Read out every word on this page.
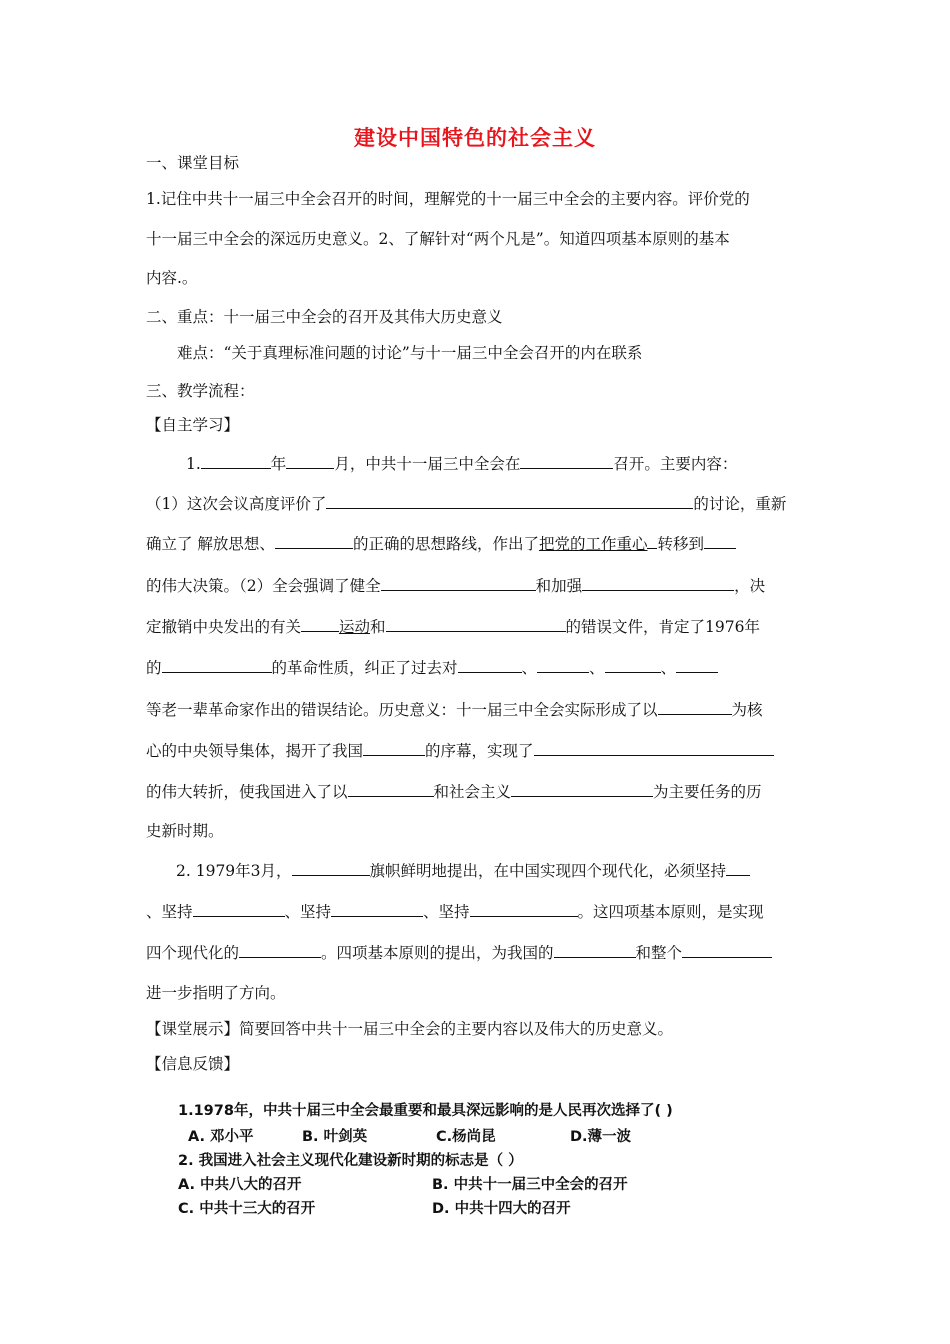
建设中国特色的社会主义
一、课堂目标
1.记住中共十一届三中全会召开的时间，理解党的十一届三中全会的主要内容。评价党的
十一届三中全会的深远历史意义。2、了解针对“两个凡是”。知道四项基本原则的基本
内容.。
二、重点：十一届三中全会的召开及其伟大历史意义
难点：“关于真理标准问题的讨论”与十一届三中全会召开的内在联系
三、教学流程：
【自主学习】
1.	年	月，中共十一届三中全会在	召开。主要内容：
（1）这次会议高度评价了	的讨论，重新
确立了 解放思想、	的正确的思想路线，作出了把党的工作重心 转移到
的伟大决策。（2）全会强调了健全	和加强	，决
定撤销中央发出的有关 运动和	的错误文件，肯定了1976年
的	的革命性质，纠正了过去对	、	、	、
等老一辈革命家作出的错误结论。历史意义：十一届三中全会实际形成了以	为核
心的中央领导集体，揭开了我国	的序幕，实现了
的伟大转折，使我国进入了以	和社会主义	为主要任务的历
史新时期。
2. 1979年3月，	旗帜鲜明地提出，在中国实现四个现代化，必须坚持
、坚持	、坚持	、坚持	。这四项基本原则，是实现
四个现代化的	。四项基本原则的提出，为我国的	和整个
进一步指明了方向。
【课堂展示】简要回答中共十一届三中全会的主要内容以及伟大的历史意义。
【信息反馈】
1.1978年，中共十届三中全会最重要和最具深远影响的是人民再次选择了( )
A. 邓小平	B. 叶剑英	C.杨尚昆	D.薄一波
2. 我国进入社会主义现代化建设新时期的标志是（ ）
A. 中共八大的召开	B. 中共十一届三中全会的召开
C. 中共十三大的召开	D. 中共十四大的召开
